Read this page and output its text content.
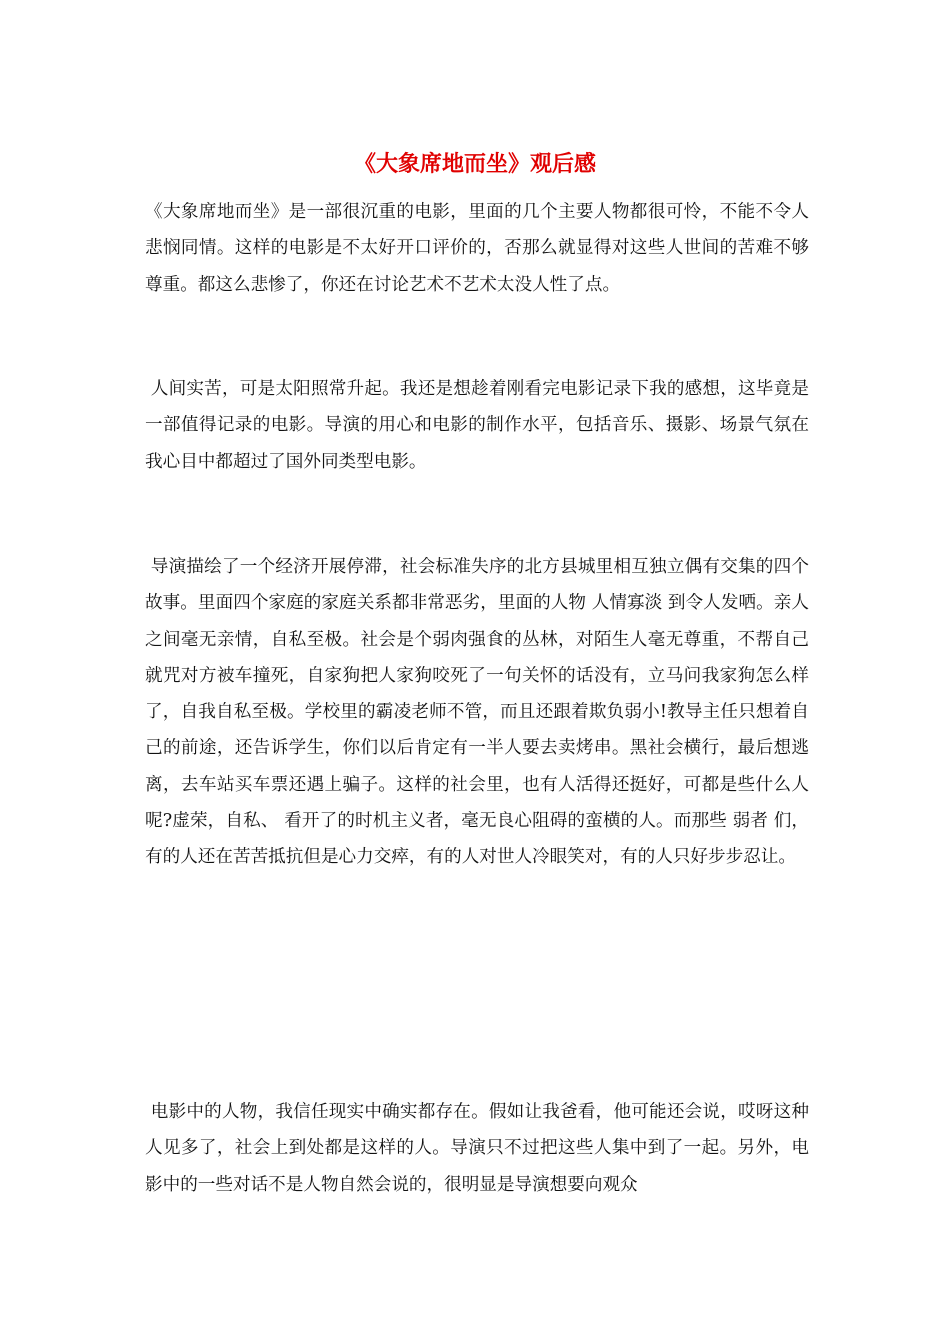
《大象席地而坐》观后感

《大象席地而坐》是一部很沉重的电影，里面的几个主要人物都很可怜，不能不令人悲悯同情。这样的电影是不太好开口评价的，否那么就显得对这些人世间的苦难不够尊重。都这么悲惨了，你还在讨论艺术不艺术太没人性了点。

人间实苦，可是太阳照常升起。我还是想趁着刚看完电影记录下我的感想，这毕竟是一部值得记录的电影。导演的用心和电影的制作水平，包括音乐、摄影、场景气氛在我心目中都超过了国外同类型电影。

导演描绘了一个经济开展停滞，社会标准失序的北方县城里相互独立偶有交集的四个故事。里面四个家庭的家庭关系都非常恶劣，里面的人物 人情寡淡 到令人发哂。亲人之间毫无亲情，自私至极。社会是个弱肉强食的丛林，对陌生人毫无尊重，不帮自己就咒对方被车撞死，自家狗把人家狗咬死了一句关怀的话没有，立马问我家狗怎么样了，自我自私至极。学校里的霸凌老师不管，而且还跟着欺负弱小!教导主任只想着自己的前途，还告诉学生，你们以后肯定有一半人要去卖烤串。黑社会横行，最后想逃离，去车站买车票还遇上骗子。这样的社会里，也有人活得还挺好，可都是些什么人呢?虚荣，自私、 看开了的时机主义者，毫无良心阻碍的蛮横的人。而那些 弱者 们，有的人还在苦苦抵抗但是心力交瘁，有的人对世人冷眼笑对，有的人只好步步忍让。

电影中的人物，我信任现实中确实都存在。假如让我爸看，他可能还会说，哎呀这种人见多了，社会上到处都是这样的人。导演只不过把这些人集中到了一起。另外，电影中的一些对话不是人物自然会说的，很明显是导演想要向观众
